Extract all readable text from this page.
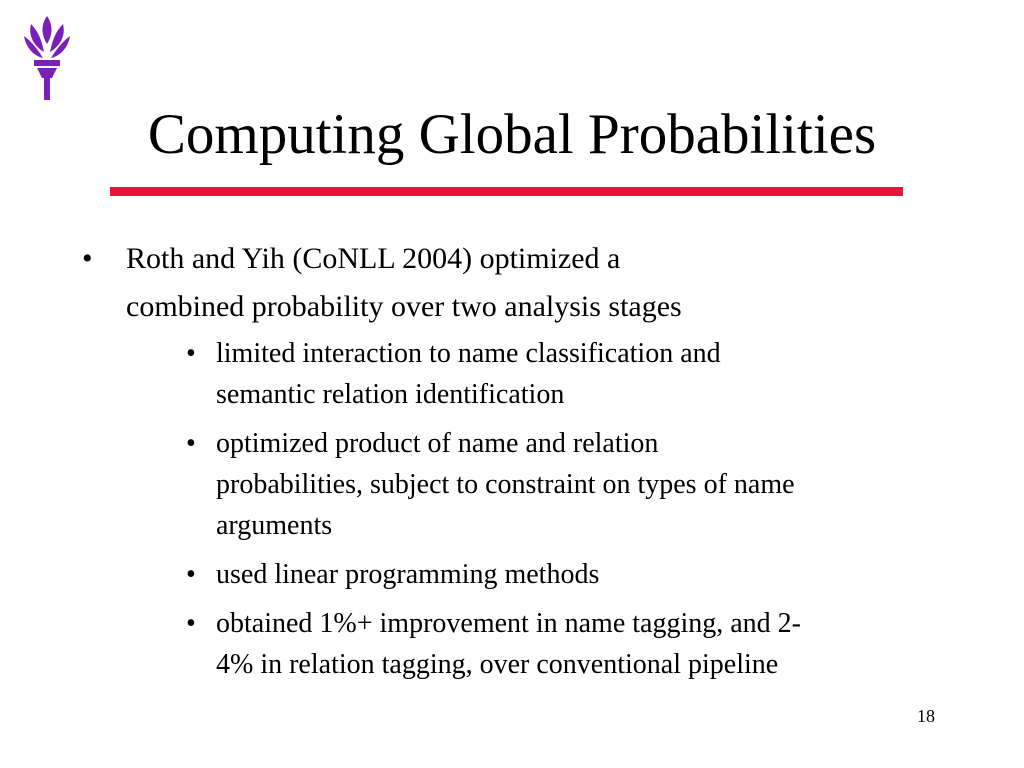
Computing Global Probabilities
• Roth and Yih (CoNLL 2004) optimized a
combined probability over two analysis stages
• limited interaction to name classification and
semantic relation identification
• optimized product of name and relation
probabilities, subject to constraint on types of name
arguments
• used linear programming methods
• obtained 1%+ improvement in name tagging, and 2-
4% in relation tagging, over conventional pipeline
18
